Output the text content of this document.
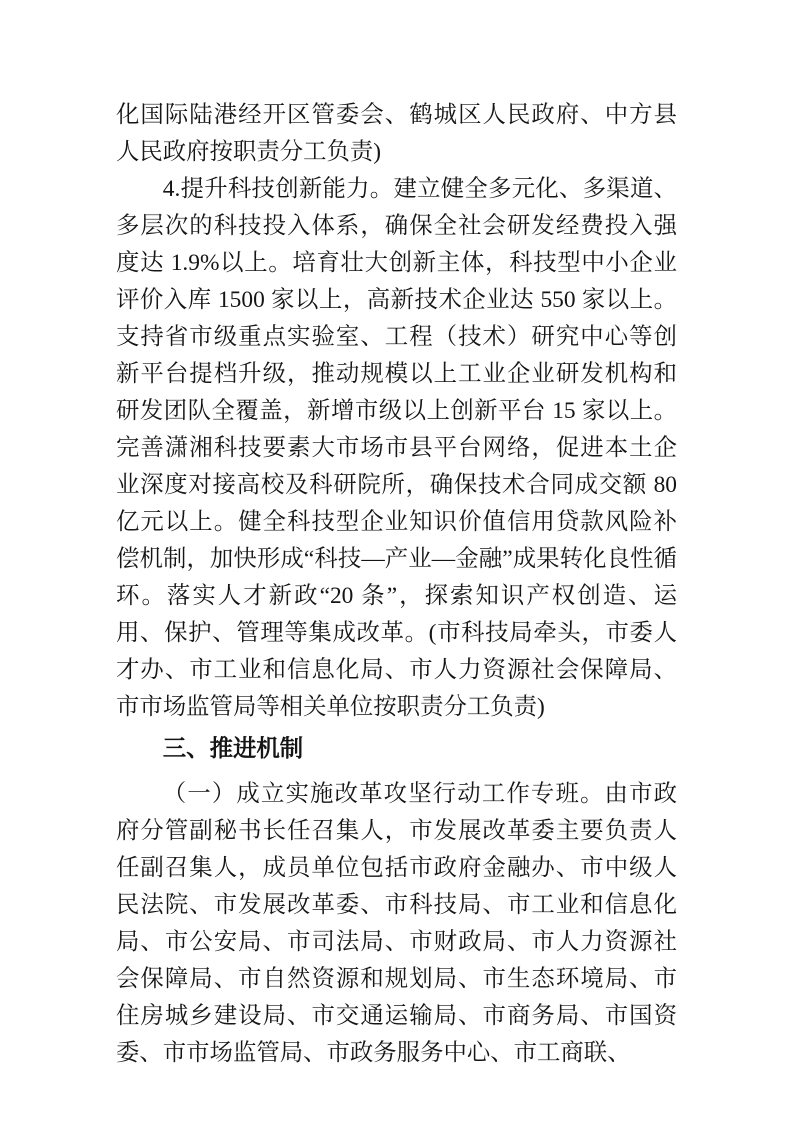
化国际陆港经开区管委会、鹤城区人民政府、中方县人民政府按职责分工负责)

4.提升科技创新能力。建立健全多元化、多渠道、多层次的科技投入体系，确保全社会研发经费投入强度达 1.9%以上。培育壮大创新主体，科技型中小企业评价入库 1500 家以上，高新技术企业达 550 家以上。支持省市级重点实验室、工程（技术）研究中心等创新平台提档升级，推动规模以上工业企业研发机构和研发团队全覆盖，新增市级以上创新平台 15 家以上。完善潇湘科技要素大市场市县平台网络，促进本土企业深度对接高校及科研院所，确保技术合同成交额 80 亿元以上。健全科技型企业知识价值信用贷款风险补偿机制，加快形成“科技—产业—金融”成果转化良性循环。落实人才新政“20 条”，探索知识产权创造、运用、保护、管理等集成改革。(市科技局牵头，市委人才办、市工业和信息化局、市人力资源社会保障局、市市场监管局等相关单位按职责分工负责)

三、推进机制

（一）成立实施改革攻坚行动工作专班。由市政府分管副秘书长任召集人，市发展改革委主要负责人任副召集人，成员单位包括市政府金融办、市中级人民法院、市发展改革委、市科技局、市工业和信息化局、市公安局、市司法局、市财政局、市人力资源社会保障局、市自然资源和规划局、市生态环境局、市住房城乡建设局、市交通运输局、市商务局、市国资委、市市场监管局、市政务服务中心、市工商联、
